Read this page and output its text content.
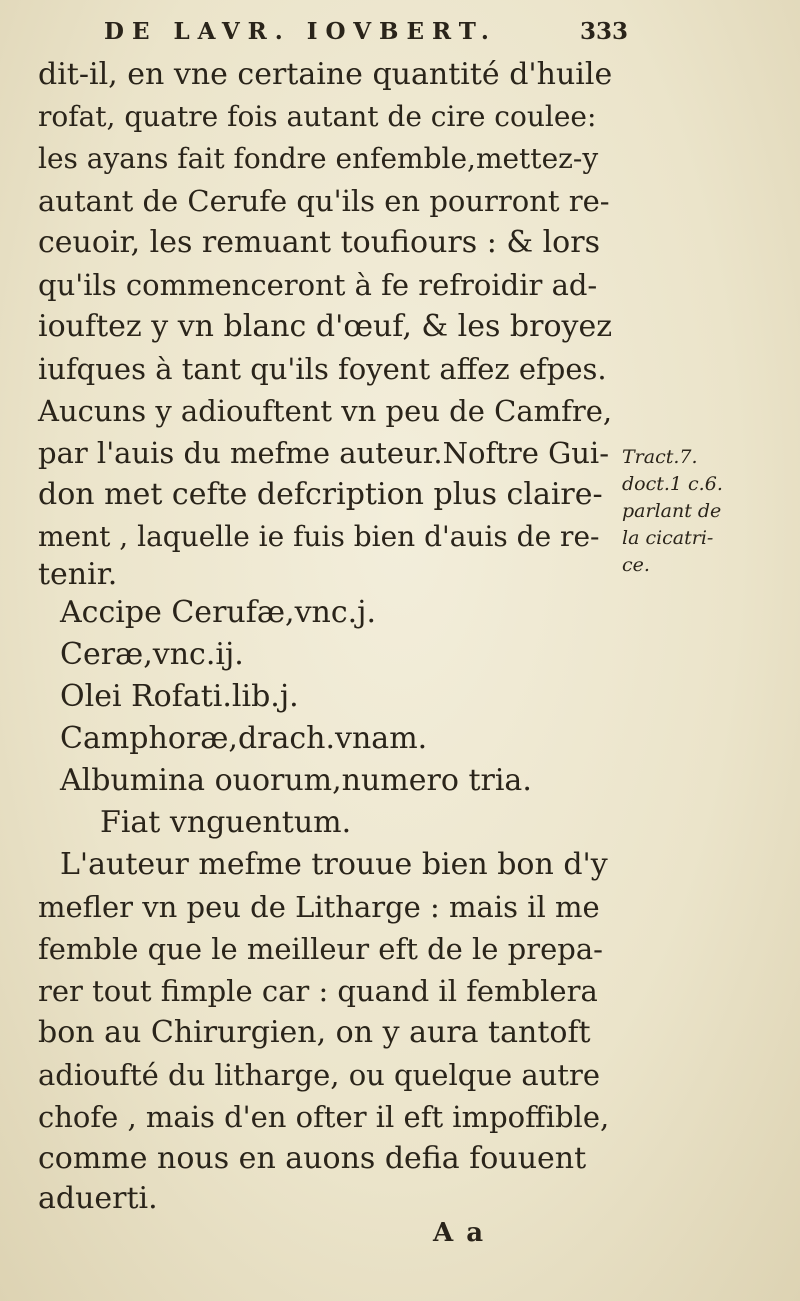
DE LAVR. IOVBERT.	333
dit-il, en vne certaine quantité d'huile
rofat, quatre fois autant de cire coulee:
les ayans fait fondre enfemble,mettez-y
autant de Cerufe qu'ils en pourront re-
ceuoir, les remuant toufiours : & lors
qu'ils commenceront à fe refroidir ad-
iouftez y vn blanc d'œuf, & les broyez
iufques à tant qu'ils foyent affez efpes.
Aucuns y adiouftent vn peu de Camfre,
par l'auis du mefme auteur.Noftre Gui-
don met cefte defcription plus claire-
ment , laquelle ie fuis bien d'auis de re-
tenir.
Tract.7.
doct.1 c.6.
parlant de
la cicatri-
ce.
Accipe Cerufæ,vnc.j.
Ceræ,vnc.ij.
Olei Rofati.lib.j.
Camphoræ,drach.vnam.
Albumina ouorum,numero tria.
Fiat vnguentum.
L'auteur mefme trouue bien bon d'y
mefler vn peu de Litharge : mais il me
femble que le meilleur eft de le prepa-
rer tout fimple car : quand il femblera
bon au Chirurgien, on y aura tantoft
adioufté du litharge, ou quelque autre
chofe , mais d'en ofter il eft impoffible,
comme nous en auons defia fouuent
aduerti.
A a
